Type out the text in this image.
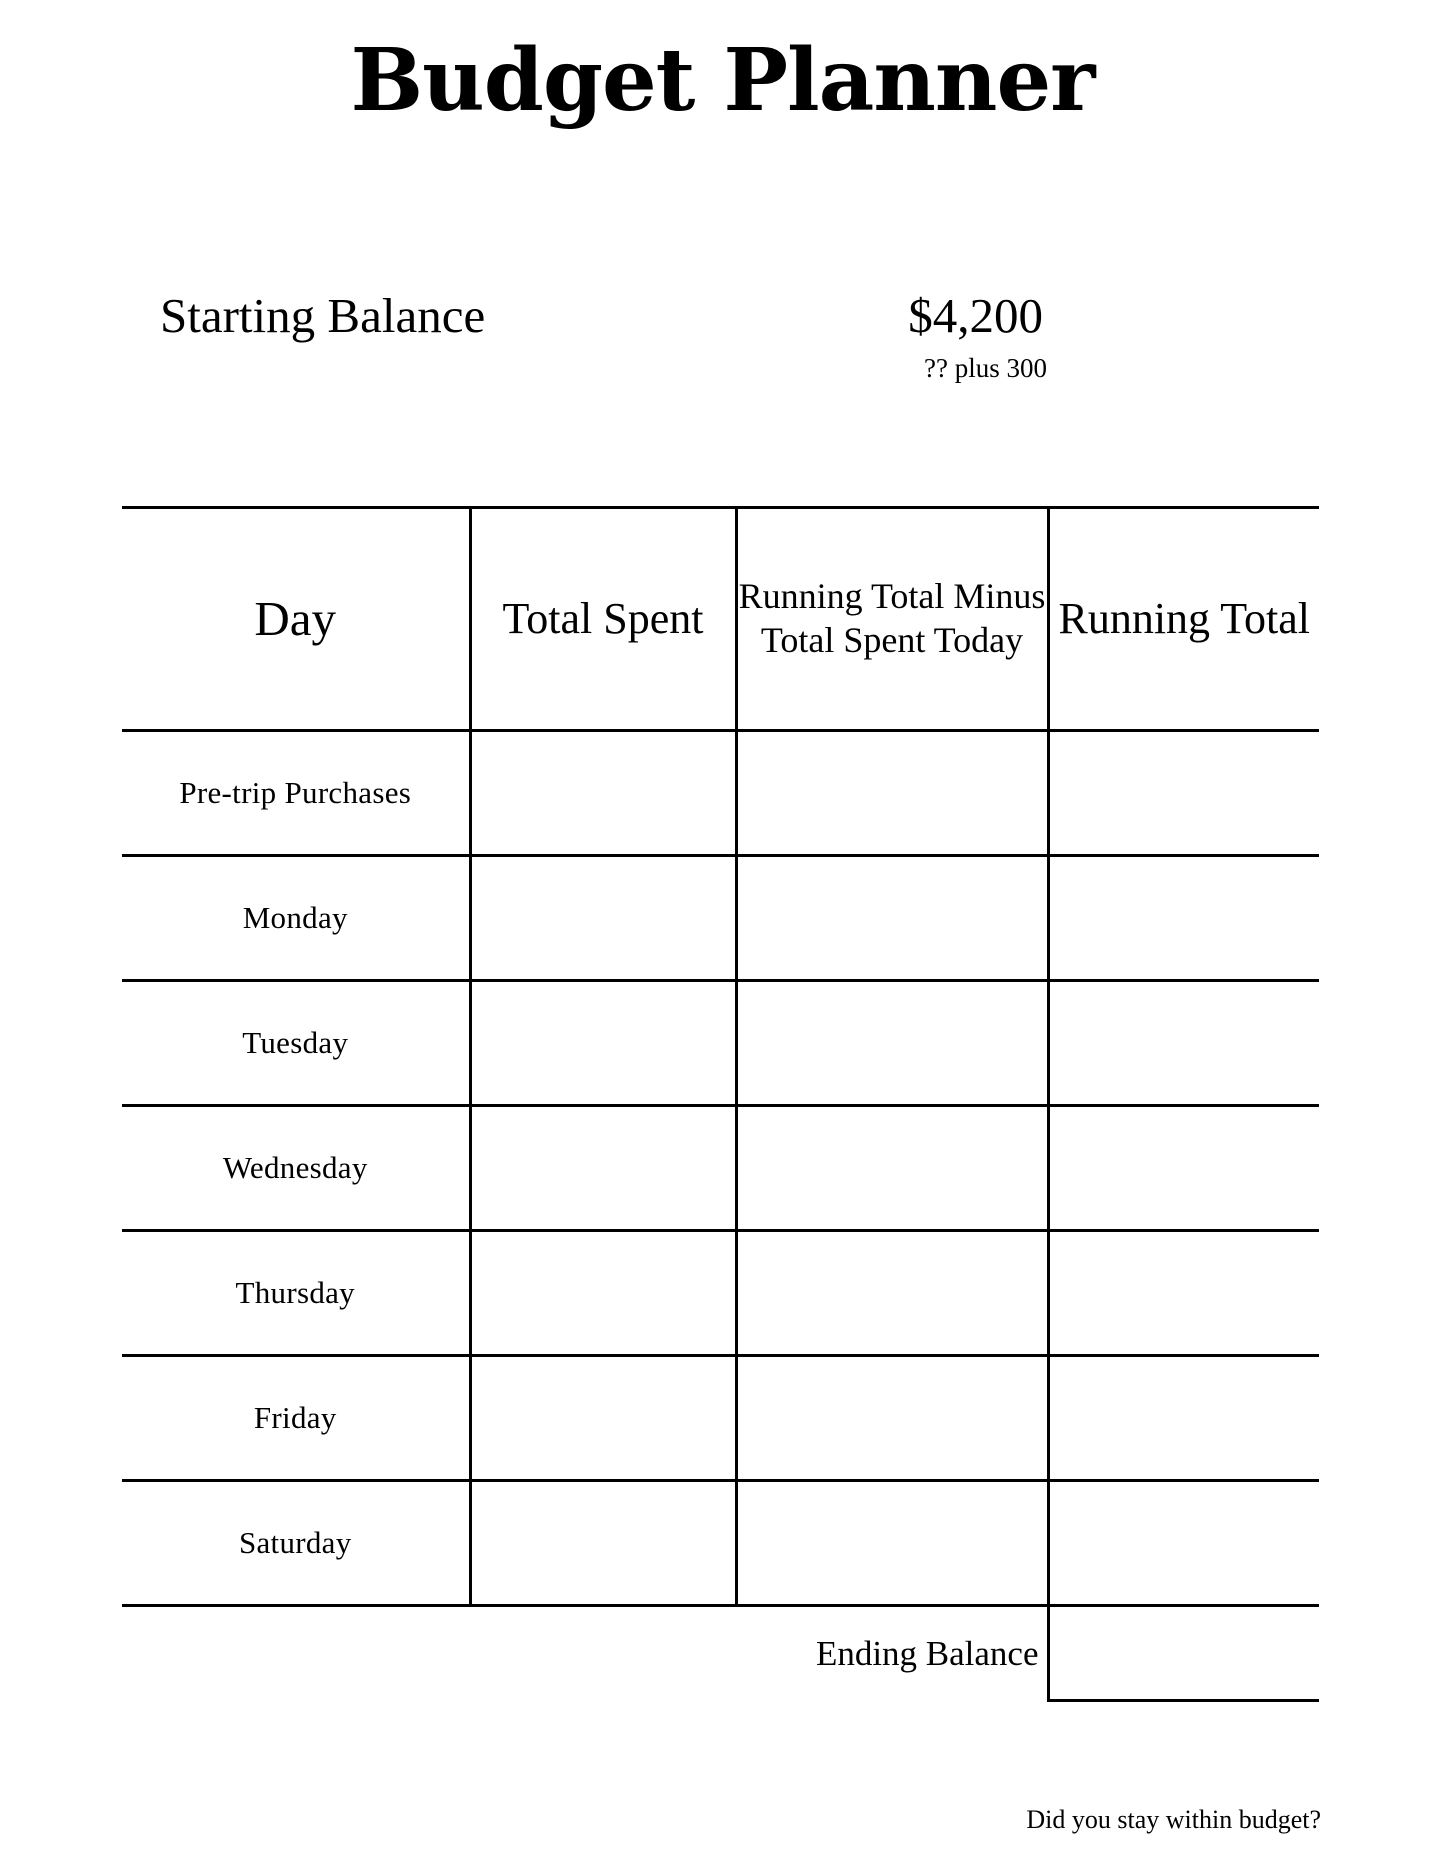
Budget Planner
Starting Balance	$4,200
?? plus 300
Day	Total Spent	Running Total Minus Total Spent Today	Running Total
Pre-trip Purchases			
Monday			
Tuesday			
Wednesday			
Thursday			
Friday			
Saturday			
		Ending Balance	
Did you stay within budget?
